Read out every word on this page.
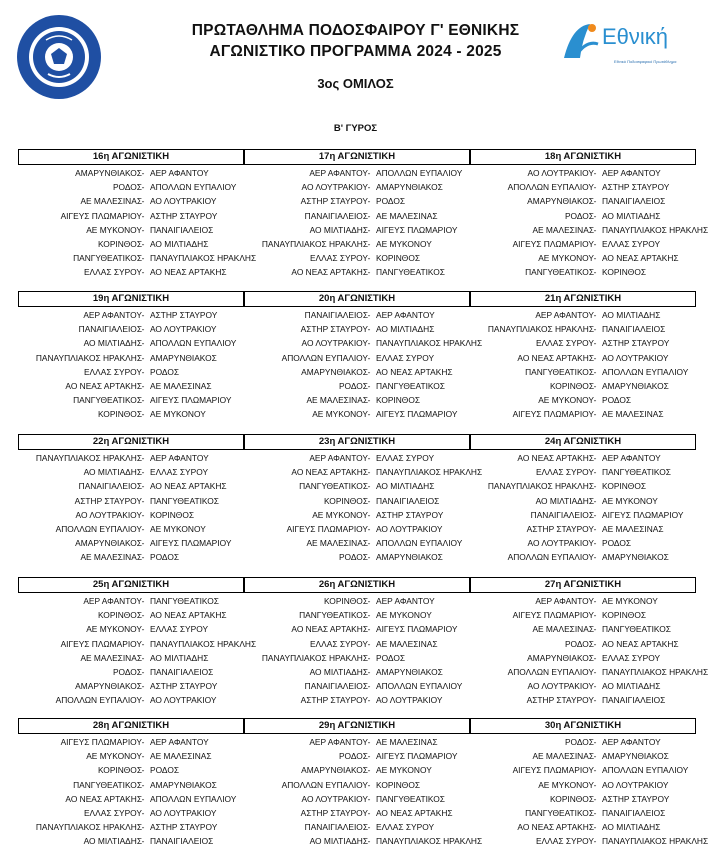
ΠΡΩΤΑΘΛΗΜΑ ΠΟΔΟΣΦΑΙΡΟΥ Γ' ΕΘΝΙΚΗΣ
ΑΓΩΝΙΣΤΙΚΟ ΠΡΟΓΡΑΜΜΑ 2024 - 2025
3ος ΟΜΙΛΟΣ
Β' ΓΥΡΟΣ
Εθνική
Εθνικό Ποδοσφαιρικό Πρωτάθλημα
16η ΑΓΩΝΙΣΤΙΚΗ
ΑΜΑΡΥΝΘΙΑΚΟΣ - ΑΕΡ ΑΦΑΝΤΟΥ
ΡΟΔΟΣ - ΑΠΟΛΛΩΝ ΕΥΠΑΛΙΟΥ
ΑΕ ΜΑΛΕΣΙΝΑΣ - ΑΟ ΛΟΥΤΡΑΚΙΟΥ
ΑΙΓΕΥΣ ΠΛΩΜΑΡΙΟΥ - ΑΣΤΗΡ ΣΤΑΥΡΟΥ
ΑΕ ΜΥΚΟΝΟΥ - ΠΑΝΑΙΓΙΑΛΕΙΟΣ
ΚΟΡΙΝΘΟΣ - ΑΟ ΜΙΛΤΙΑΔΗΣ
ΠΑΝΓΥΘΕΑΤΙΚΟΣ - ΠΑΝΑΥΠΛΙΑΚΟΣ ΗΡΑΚΛΗΣ
ΕΛΛΑΣ ΣΥΡΟΥ - ΑΟ ΝΕΑΣ ΑΡΤΑΚΗΣ
17η ΑΓΩΝΙΣΤΙΚΗ
ΑΕΡ ΑΦΑΝΤΟΥ - ΑΠΟΛΛΩΝ ΕΥΠΑΛΙΟΥ
ΑΟ ΛΟΥΤΡΑΚΙΟΥ - ΑΜΑΡΥΝΘΙΑΚΟΣ
ΑΣΤΗΡ ΣΤΑΥΡΟΥ - ΡΟΔΟΣ
ΠΑΝΑΙΓΙΑΛΕΙΟΣ - ΑΕ ΜΑΛΕΣΙΝΑΣ
ΑΟ ΜΙΛΤΙΑΔΗΣ - ΑΙΓΕΥΣ ΠΛΩΜΑΡΙΟΥ
ΠΑΝΑΥΠΛΙΑΚΟΣ ΗΡΑΚΛΗΣ - ΑΕ ΜΥΚΟΝΟΥ
ΕΛΛΑΣ ΣΥΡΟΥ - ΚΟΡΙΝΘΟΣ
ΑΟ ΝΕΑΣ ΑΡΤΑΚΗΣ - ΠΑΝΓΥΘΕΑΤΙΚΟΣ
18η ΑΓΩΝΙΣΤΙΚΗ
ΑΟ ΛΟΥΤΡΑΚΙΟΥ - ΑΕΡ ΑΦΑΝΤΟΥ
ΑΠΟΛΛΩΝ ΕΥΠΑΛΙΟΥ - ΑΣΤΗΡ ΣΤΑΥΡΟΥ
ΑΜΑΡΥΝΘΙΑΚΟΣ - ΠΑΝΑΙΓΙΑΛΕΙΟΣ
ΡΟΔΟΣ - ΑΟ ΜΙΛΤΙΑΔΗΣ
ΑΕ ΜΑΛΕΣΙΝΑΣ - ΠΑΝΑΥΠΛΙΑΚΟΣ ΗΡΑΚΛΗΣ
ΑΙΓΕΥΣ ΠΛΩΜΑΡΙΟΥ - ΕΛΛΑΣ ΣΥΡΟΥ
ΑΕ ΜΥΚΟΝΟΥ - ΑΟ ΝΕΑΣ ΑΡΤΑΚΗΣ
ΠΑΝΓΥΘΕΑΤΙΚΟΣ - ΚΟΡΙΝΘΟΣ
19η ΑΓΩΝΙΣΤΙΚΗ
ΑΕΡ ΑΦΑΝΤΟΥ - ΑΣΤΗΡ ΣΤΑΥΡΟΥ
ΠΑΝΑΙΓΙΑΛΕΙΟΣ - ΑΟ ΛΟΥΤΡΑΚΙΟΥ
ΑΟ ΜΙΛΤΙΑΔΗΣ - ΑΠΟΛΛΩΝ ΕΥΠΑΛΙΟΥ
ΠΑΝΑΥΠΛΙΑΚΟΣ ΗΡΑΚΛΗΣ - ΑΜΑΡΥΝΘΙΑΚΟΣ
ΕΛΛΑΣ ΣΥΡΟΥ - ΡΟΔΟΣ
ΑΟ ΝΕΑΣ ΑΡΤΑΚΗΣ - ΑΕ ΜΑΛΕΣΙΝΑΣ
ΠΑΝΓΥΘΕΑΤΙΚΟΣ - ΑΙΓΕΥΣ ΠΛΩΜΑΡΙΟΥ
ΚΟΡΙΝΘΟΣ - ΑΕ ΜΥΚΟΝΟΥ
20η ΑΓΩΝΙΣΤΙΚΗ
ΠΑΝΑΙΓΙΑΛΕΙΟΣ - ΑΕΡ ΑΦΑΝΤΟΥ
ΑΣΤΗΡ ΣΤΑΥΡΟΥ - ΑΟ ΜΙΛΤΙΑΔΗΣ
ΑΟ ΛΟΥΤΡΑΚΙΟΥ - ΠΑΝΑΥΠΛΙΑΚΟΣ ΗΡΑΚΛΗΣ
ΑΠΟΛΛΩΝ ΕΥΠΑΛΙΟΥ - ΕΛΛΑΣ ΣΥΡΟΥ
ΑΜΑΡΥΝΘΙΑΚΟΣ - ΑΟ ΝΕΑΣ ΑΡΤΑΚΗΣ
ΡΟΔΟΣ - ΠΑΝΓΥΘΕΑΤΙΚΟΣ
ΑΕ ΜΑΛΕΣΙΝΑΣ - ΚΟΡΙΝΘΟΣ
ΑΕ ΜΥΚΟΝΟΥ - ΑΙΓΕΥΣ ΠΛΩΜΑΡΙΟΥ
21η ΑΓΩΝΙΣΤΙΚΗ
ΑΕΡ ΑΦΑΝΤΟΥ - ΑΟ ΜΙΛΤΙΑΔΗΣ
ΠΑΝΑΥΠΛΙΑΚΟΣ ΗΡΑΚΛΗΣ - ΠΑΝΑΙΓΙΑΛΕΙΟΣ
ΕΛΛΑΣ ΣΥΡΟΥ - ΑΣΤΗΡ ΣΤΑΥΡΟΥ
ΑΟ ΝΕΑΣ ΑΡΤΑΚΗΣ - ΑΟ ΛΟΥΤΡΑΚΙΟΥ
ΠΑΝΓΥΘΕΑΤΙΚΟΣ - ΑΠΟΛΛΩΝ ΕΥΠΑΛΙΟΥ
ΚΟΡΙΝΘΟΣ - ΑΜΑΡΥΝΘΙΑΚΟΣ
ΑΕ ΜΥΚΟΝΟΥ - ΡΟΔΟΣ
ΑΙΓΕΥΣ ΠΛΩΜΑΡΙΟΥ - ΑΕ ΜΑΛΕΣΙΝΑΣ
22η ΑΓΩΝΙΣΤΙΚΗ
ΠΑΝΑΥΠΛΙΑΚΟΣ ΗΡΑΚΛΗΣ - ΑΕΡ ΑΦΑΝΤΟΥ
ΑΟ ΜΙΛΤΙΑΔΗΣ - ΕΛΛΑΣ ΣΥΡΟΥ
ΠΑΝΑΙΓΙΑΛΕΙΟΣ - ΑΟ ΝΕΑΣ ΑΡΤΑΚΗΣ
ΑΣΤΗΡ ΣΤΑΥΡΟΥ - ΠΑΝΓΥΘΕΑΤΙΚΟΣ
ΑΟ ΛΟΥΤΡΑΚΙΟΥ - ΚΟΡΙΝΘΟΣ
ΑΠΟΛΛΩΝ ΕΥΠΑΛΙΟΥ - ΑΕ ΜΥΚΟΝΟΥ
ΑΜΑΡΥΝΘΙΑΚΟΣ - ΑΙΓΕΥΣ ΠΛΩΜΑΡΙΟΥ
ΑΕ ΜΑΛΕΣΙΝΑΣ - ΡΟΔΟΣ
23η ΑΓΩΝΙΣΤΙΚΗ
ΑΕΡ ΑΦΑΝΤΟΥ - ΕΛΛΑΣ ΣΥΡΟΥ
ΑΟ ΝΕΑΣ ΑΡΤΑΚΗΣ - ΠΑΝΑΥΠΛΙΑΚΟΣ ΗΡΑΚΛΗΣ
ΠΑΝΓΥΘΕΑΤΙΚΟΣ - ΑΟ ΜΙΛΤΙΑΔΗΣ
ΚΟΡΙΝΘΟΣ - ΠΑΝΑΙΓΙΑΛΕΙΟΣ
ΑΕ ΜΥΚΟΝΟΥ - ΑΣΤΗΡ ΣΤΑΥΡΟΥ
ΑΙΓΕΥΣ ΠΛΩΜΑΡΙΟΥ - ΑΟ ΛΟΥΤΡΑΚΙΟΥ
ΑΕ ΜΑΛΕΣΙΝΑΣ - ΑΠΟΛΛΩΝ ΕΥΠΑΛΙΟΥ
ΡΟΔΟΣ - ΑΜΑΡΥΝΘΙΑΚΟΣ
24η ΑΓΩΝΙΣΤΙΚΗ
ΑΟ ΝΕΑΣ ΑΡΤΑΚΗΣ - ΑΕΡ ΑΦΑΝΤΟΥ
ΕΛΛΑΣ ΣΥΡΟΥ - ΠΑΝΓΥΘΕΑΤΙΚΟΣ
ΠΑΝΑΥΠΛΙΑΚΟΣ ΗΡΑΚΛΗΣ - ΚΟΡΙΝΘΟΣ
ΑΟ ΜΙΛΤΙΑΔΗΣ - ΑΕ ΜΥΚΟΝΟΥ
ΠΑΝΑΙΓΙΑΛΕΙΟΣ - ΑΙΓΕΥΣ ΠΛΩΜΑΡΙΟΥ
ΑΣΤΗΡ ΣΤΑΥΡΟΥ - ΑΕ ΜΑΛΕΣΙΝΑΣ
ΑΟ ΛΟΥΤΡΑΚΙΟΥ - ΡΟΔΟΣ
ΑΠΟΛΛΩΝ ΕΥΠΑΛΙΟΥ - ΑΜΑΡΥΝΘΙΑΚΟΣ
25η ΑΓΩΝΙΣΤΙΚΗ
ΑΕΡ ΑΦΑΝΤΟΥ - ΠΑΝΓΥΘΕΑΤΙΚΟΣ
ΚΟΡΙΝΘΟΣ - ΑΟ ΝΕΑΣ ΑΡΤΑΚΗΣ
ΑΕ ΜΥΚΟΝΟΥ - ΕΛΛΑΣ ΣΥΡΟΥ
ΑΙΓΕΥΣ ΠΛΩΜΑΡΙΟΥ - ΠΑΝΑΥΠΛΙΑΚΟΣ ΗΡΑΚΛΗΣ
ΑΕ ΜΑΛΕΣΙΝΑΣ - ΑΟ ΜΙΛΤΙΑΔΗΣ
ΡΟΔΟΣ - ΠΑΝΑΙΓΙΑΛΕΙΟΣ
ΑΜΑΡΥΝΘΙΑΚΟΣ - ΑΣΤΗΡ ΣΤΑΥΡΟΥ
ΑΠΟΛΛΩΝ ΕΥΠΑΛΙΟΥ - ΑΟ ΛΟΥΤΡΑΚΙΟΥ
26η ΑΓΩΝΙΣΤΙΚΗ
ΚΟΡΙΝΘΟΣ - ΑΕΡ ΑΦΑΝΤΟΥ
ΠΑΝΓΥΘΕΑΤΙΚΟΣ - ΑΕ ΜΥΚΟΝΟΥ
ΑΟ ΝΕΑΣ ΑΡΤΑΚΗΣ - ΑΙΓΕΥΣ ΠΛΩΜΑΡΙΟΥ
ΕΛΛΑΣ ΣΥΡΟΥ - ΑΕ ΜΑΛΕΣΙΝΑΣ
ΠΑΝΑΥΠΛΙΑΚΟΣ ΗΡΑΚΛΗΣ - ΡΟΔΟΣ
ΑΟ ΜΙΛΤΙΑΔΗΣ - ΑΜΑΡΥΝΘΙΑΚΟΣ
ΠΑΝΑΙΓΙΑΛΕΙΟΣ - ΑΠΟΛΛΩΝ ΕΥΠΑΛΙΟΥ
ΑΣΤΗΡ ΣΤΑΥΡΟΥ - ΑΟ ΛΟΥΤΡΑΚΙΟΥ
27η ΑΓΩΝΙΣΤΙΚΗ
ΑΕΡ ΑΦΑΝΤΟΥ - ΑΕ ΜΥΚΟΝΟΥ
ΑΙΓΕΥΣ ΠΛΩΜΑΡΙΟΥ - ΚΟΡΙΝΘΟΣ
ΑΕ ΜΑΛΕΣΙΝΑΣ - ΠΑΝΓΥΘΕΑΤΙΚΟΣ
ΡΟΔΟΣ - ΑΟ ΝΕΑΣ ΑΡΤΑΚΗΣ
ΑΜΑΡΥΝΘΙΑΚΟΣ - ΕΛΛΑΣ ΣΥΡΟΥ
ΑΠΟΛΛΩΝ ΕΥΠΑΛΙΟΥ - ΠΑΝΑΥΠΛΙΑΚΟΣ ΗΡΑΚΛΗΣ
ΑΟ ΛΟΥΤΡΑΚΙΟΥ - ΑΟ ΜΙΛΤΙΑΔΗΣ
ΑΣΤΗΡ ΣΤΑΥΡΟΥ - ΠΑΝΑΙΓΙΑΛΕΙΟΣ
28η ΑΓΩΝΙΣΤΙΚΗ
ΑΙΓΕΥΣ ΠΛΩΜΑΡΙΟΥ - ΑΕΡ ΑΦΑΝΤΟΥ
ΑΕ ΜΥΚΟΝΟΥ - ΑΕ ΜΑΛΕΣΙΝΑΣ
ΚΟΡΙΝΘΟΣ - ΡΟΔΟΣ
ΠΑΝΓΥΘΕΑΤΙΚΟΣ - ΑΜΑΡΥΝΘΙΑΚΟΣ
ΑΟ ΝΕΑΣ ΑΡΤΑΚΗΣ - ΑΠΟΛΛΩΝ ΕΥΠΑΛΙΟΥ
ΕΛΛΑΣ ΣΥΡΟΥ - ΑΟ ΛΟΥΤΡΑΚΙΟΥ
ΠΑΝΑΥΠΛΙΑΚΟΣ ΗΡΑΚΛΗΣ - ΑΣΤΗΡ ΣΤΑΥΡΟΥ
ΑΟ ΜΙΛΤΙΑΔΗΣ - ΠΑΝΑΙΓΙΑΛΕΙΟΣ
29η ΑΓΩΝΙΣΤΙΚΗ
ΑΕΡ ΑΦΑΝΤΟΥ - ΑΕ ΜΑΛΕΣΙΝΑΣ
ΡΟΔΟΣ - ΑΙΓΕΥΣ ΠΛΩΜΑΡΙΟΥ
ΑΜΑΡΥΝΘΙΑΚΟΣ - ΑΕ ΜΥΚΟΝΟΥ
ΑΠΟΛΛΩΝ ΕΥΠΑΛΙΟΥ - ΚΟΡΙΝΘΟΣ
ΑΟ ΛΟΥΤΡΑΚΙΟΥ - ΠΑΝΓΥΘΕΑΤΙΚΟΣ
ΑΣΤΗΡ ΣΤΑΥΡΟΥ - ΑΟ ΝΕΑΣ ΑΡΤΑΚΗΣ
ΠΑΝΑΙΓΙΑΛΕΙΟΣ - ΕΛΛΑΣ ΣΥΡΟΥ
ΑΟ ΜΙΛΤΙΑΔΗΣ - ΠΑΝΑΥΠΛΙΑΚΟΣ ΗΡΑΚΛΗΣ
30η ΑΓΩΝΙΣΤΙΚΗ
ΡΟΔΟΣ - ΑΕΡ ΑΦΑΝΤΟΥ
ΑΕ ΜΑΛΕΣΙΝΑΣ - ΑΜΑΡΥΝΘΙΑΚΟΣ
ΑΙΓΕΥΣ ΠΛΩΜΑΡΙΟΥ - ΑΠΟΛΛΩΝ ΕΥΠΑΛΙΟΥ
ΑΕ ΜΥΚΟΝΟΥ - ΑΟ ΛΟΥΤΡΑΚΙΟΥ
ΚΟΡΙΝΘΟΣ - ΑΣΤΗΡ ΣΤΑΥΡΟΥ
ΠΑΝΓΥΘΕΑΤΙΚΟΣ - ΠΑΝΑΙΓΙΑΛΕΙΟΣ
ΑΟ ΝΕΑΣ ΑΡΤΑΚΗΣ - ΑΟ ΜΙΛΤΙΑΔΗΣ
ΕΛΛΑΣ ΣΥΡΟΥ - ΠΑΝΑΥΠΛΙΑΚΟΣ ΗΡΑΚΛΗΣ
